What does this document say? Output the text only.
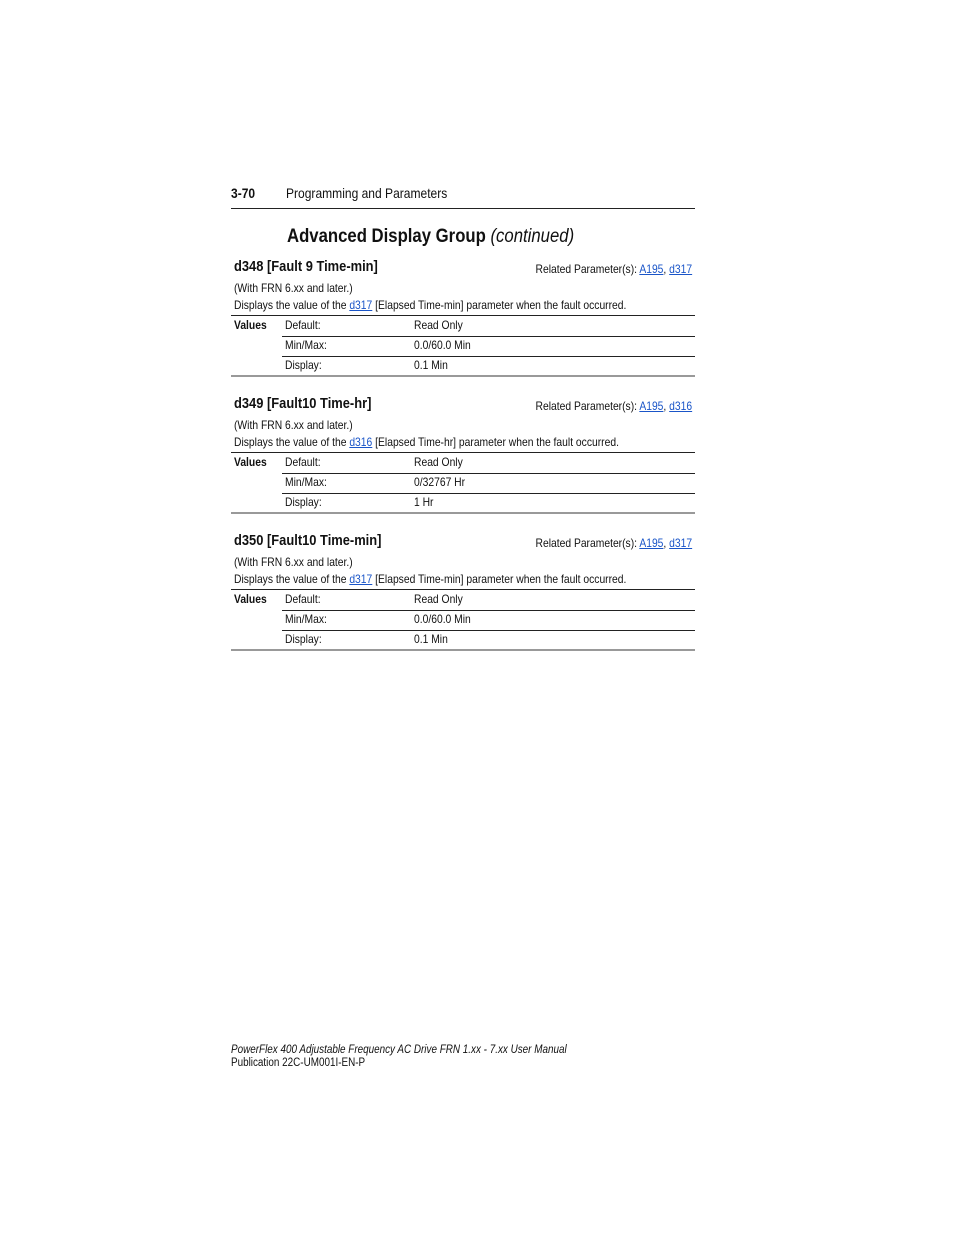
3-70 Programming and Parameters
Advanced Display Group (continued)
d348 [Fault 9 Time-min]	Related Parameter(s): A195, d317
(With FRN 6.xx and later.)
Displays the value of the d317 [Elapsed Time-min] parameter when the fault occurred.
Values Default:	Read Only
Min/Max:	0.0/60.0 Min
Display:	0.1 Min
d349 [Fault10 Time-hr]	Related Parameter(s): A195, d316
(With FRN 6.xx and later.)
Displays the value of the d316 [Elapsed Time-hr] parameter when the fault occurred.
Values Default:	Read Only
Min/Max:	0/32767 Hr
Display:	1 Hr
d350 [Fault10 Time-min]	Related Parameter(s): A195, d317
(With FRN 6.xx and later.)
Displays the value of the d317 [Elapsed Time-min] parameter when the fault occurred.
Values Default:	Read Only
Min/Max:	0.0/60.0 Min
Display:	0.1 Min
PowerFlex 400 Adjustable Frequency AC Drive FRN 1.xx - 7.xx User Manual
Publication 22C-UM001I-EN-P
